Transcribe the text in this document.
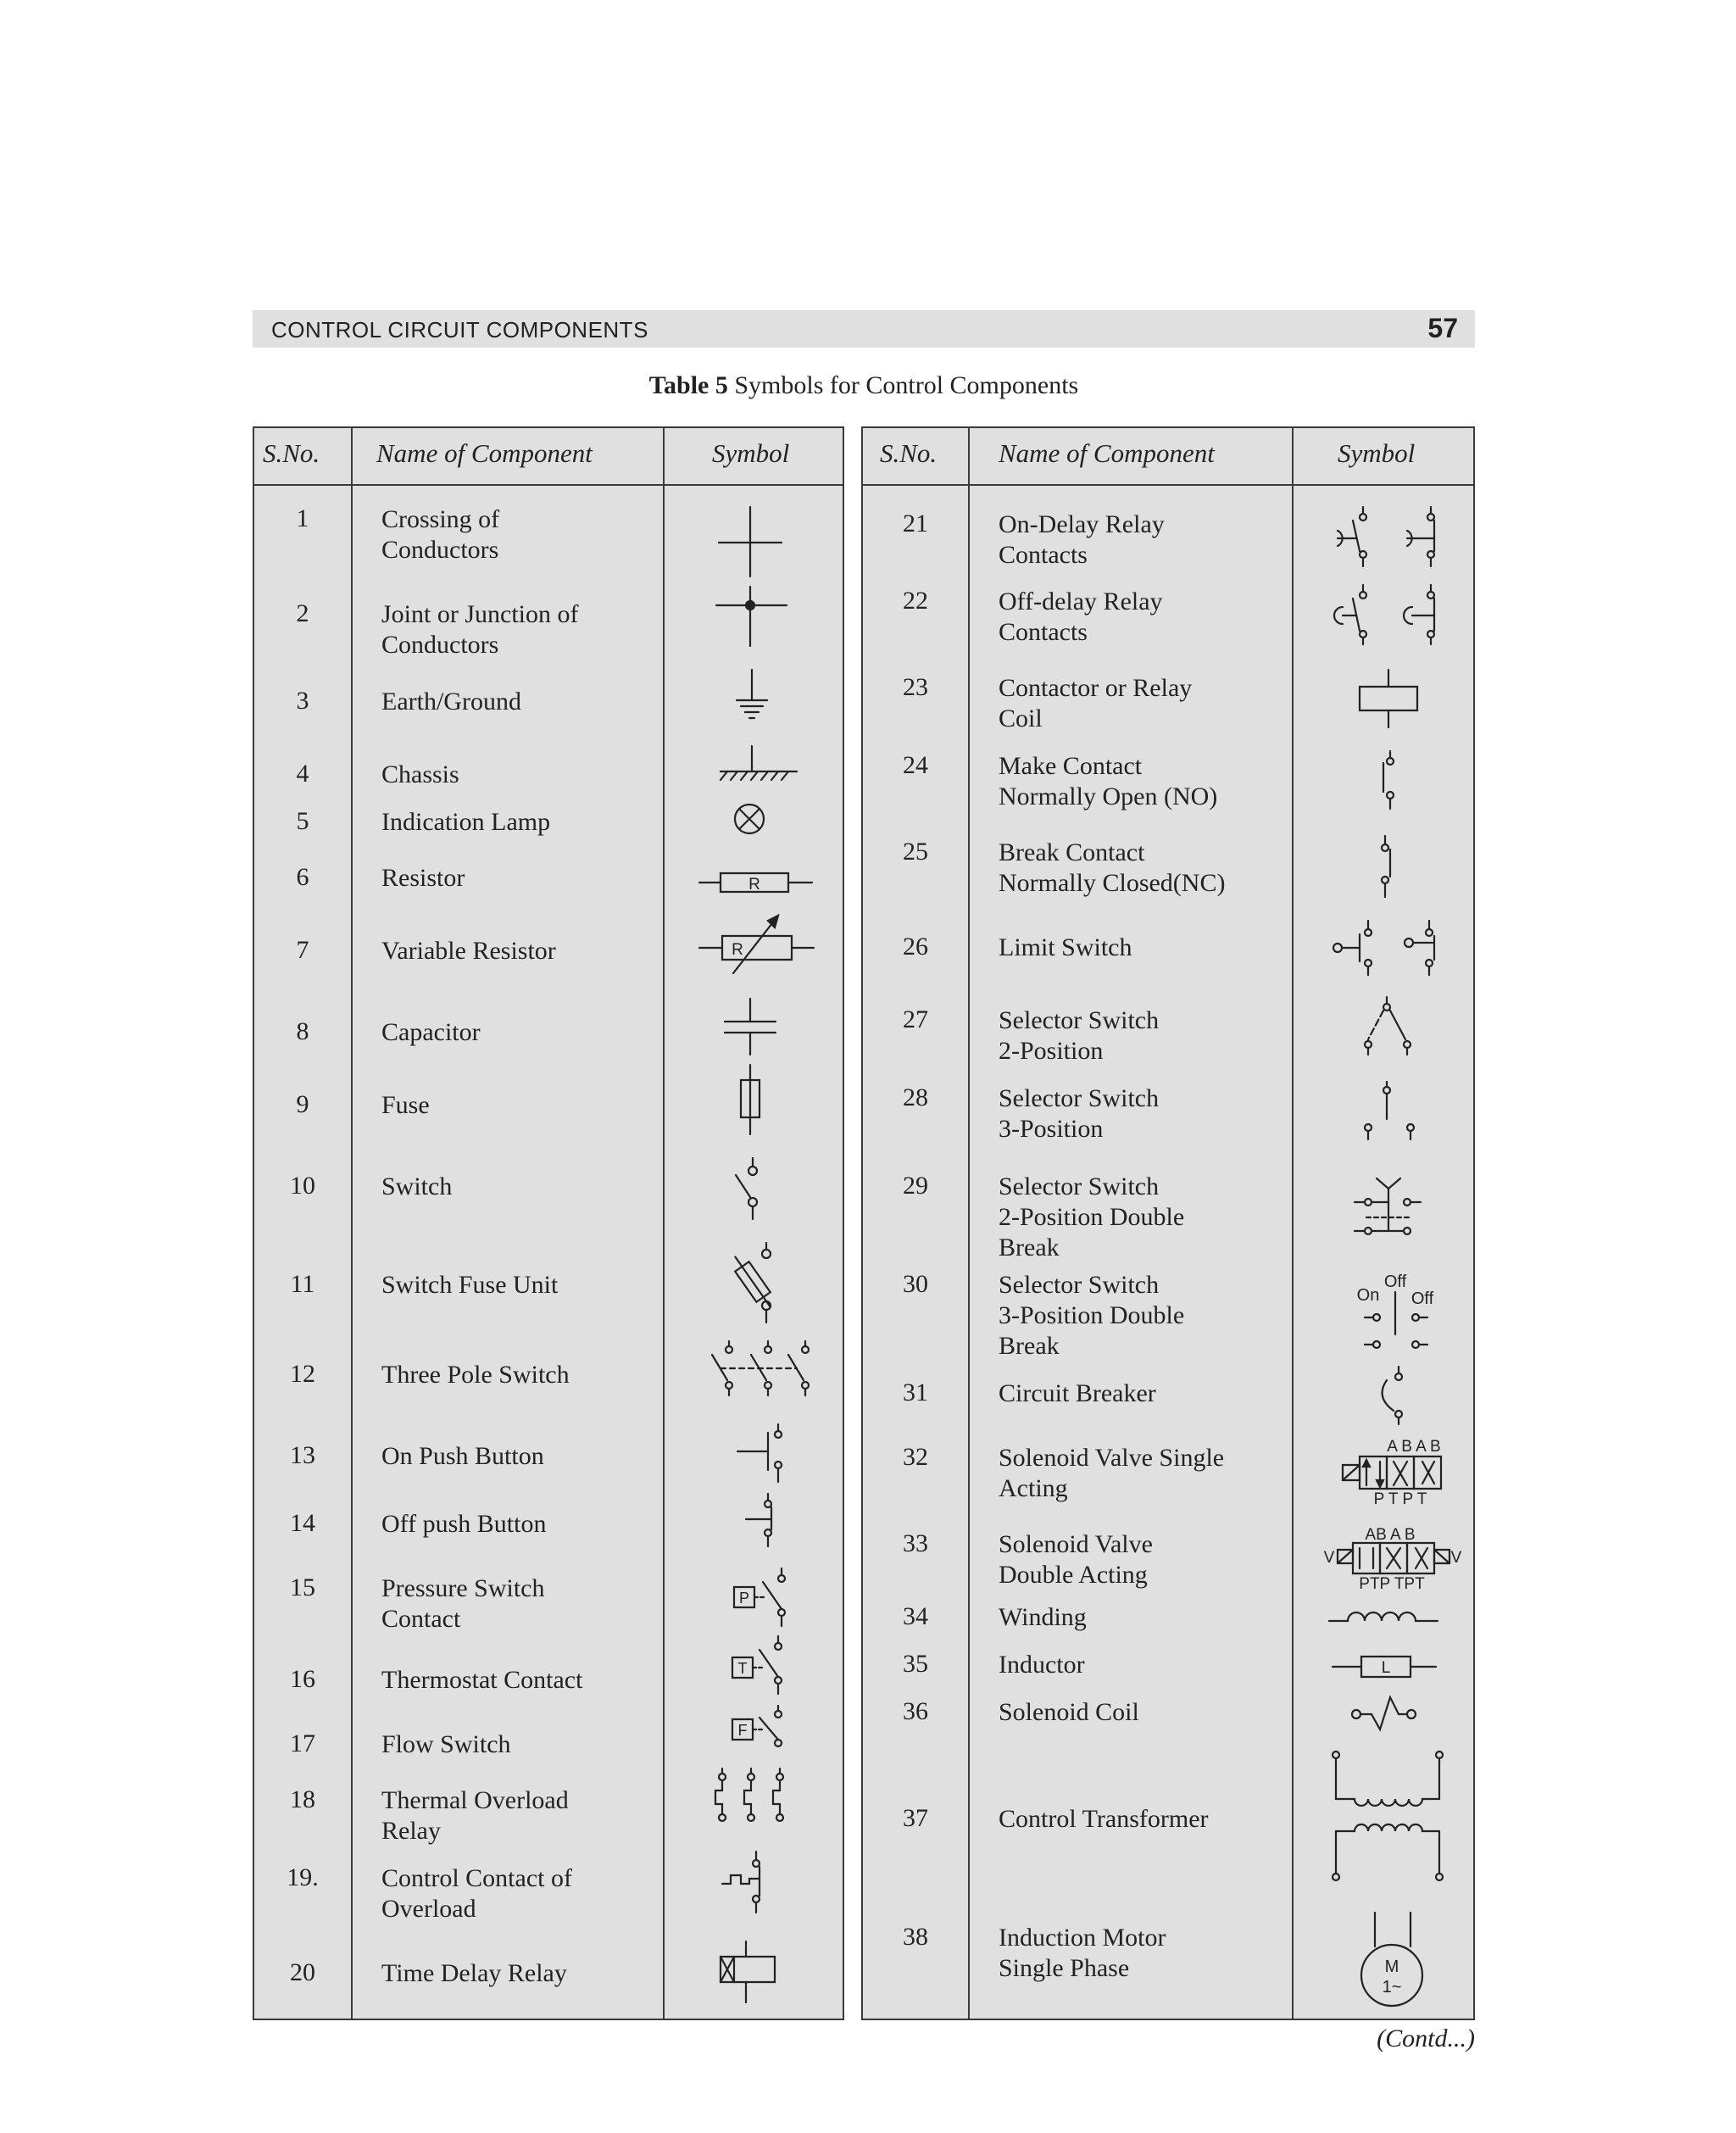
CONTROL CIRCUIT COMPONENTS	57
Table 5 Symbols for Control Components
S.No. Name of Component	Symbol
1	Crossing of
Conductors
2	Joint or Junction of
Conductors
3	Earth/Ground
4	Chassis
5	Indication Lamp
6	Resistor
7	Variable Resistor
8	Capacitor
9	Fuse
10	Switch
11	Switch Fuse Unit
12	Three Pole Switch
13	On Push Button
14	Off push Button
15	Pressure Switch
Contact
16	Thermostat Contact
17	Flow Switch
18	Thermal Overload
Relay
19.	Control Contact of
Overload
20	Time Delay Relay
S.No. Name of Component	Symbol
21	On-Delay Relay
Contacts
22	Off-delay Relay
Contacts
23	Contactor or Relay
Coil
24	Make Contact
Normally Open (NO)
25	Break Contact
Normally Closed(NC)
26	Limit Switch
27	Selector Switch
2-Position
28	Selector Switch
3-Position
29	Selector Switch
2-Position Double
Break
30	Selector Switch
3-Position Double
Break
31	Circuit Breaker
32	Solenoid Valve Single
Acting
33	Solenoid Valve
Double Acting
34	Winding
35	Inductor
36	Solenoid Coil
37	Control Transformer
38	Induction Motor
Single Phase
R
R
P
T
F
Off
On Off
A B A B
P T P T
AB A B
V	V
PTP TPT
L
M
1~
(Contd...)
